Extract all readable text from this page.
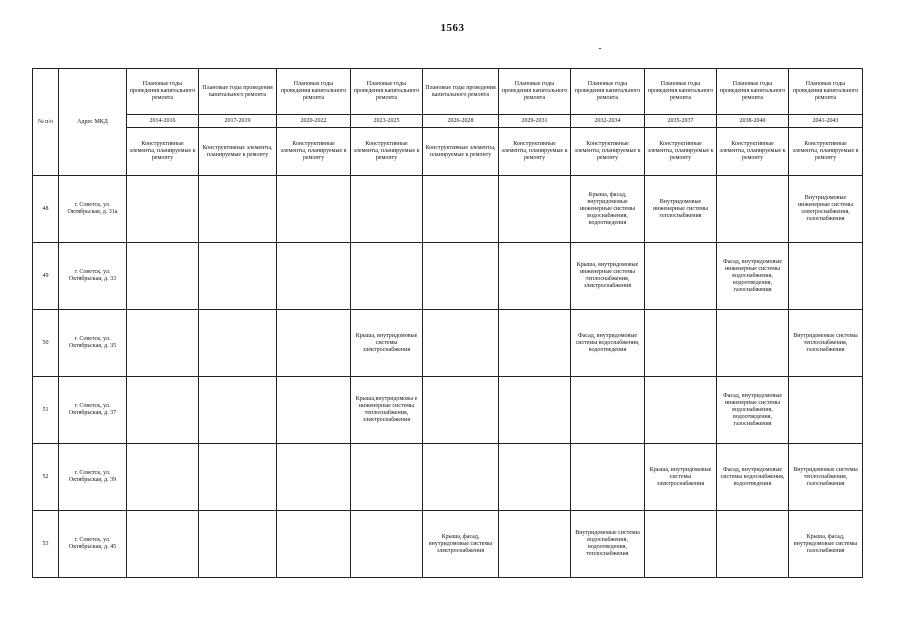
1563
№ п/о	Адрес МКД	Плановые годы проведения капитального ремонта	Плановые годы проведения капитального ремонта	Плановые годы проведения капитального ремонта	Плановые годы проведения капитального ремонта	Плановые годы проведения капитального ремонта	Плановые годы проведения капитального ремонта	Плановые годы проведения капитального ремонта	Плановые годы проведения капитального ремонта	Плановые годы проведения капитального ремонта	Плановые годы проведения капитального ремонта
		2014-2016	2017-2019	2020-2022	2023-2025	2026-2028	2029-2031	2032-2034	2035-2037	2038-2040	2041-2043
		Конструктивные элементы, планируемые к ремонту	Конструктивные элементы, планируемые к ремонту	Конструктивные элементы, планируемые к ремонту	Конструктивные элементы, планируемые к ремонту	Конструктивные элементы, планируемые к ремонту	Конструктивные элементы, планируемые к ремонту	Конструктивные элементы, планируемые к ремонту	Конструктивные элементы, планируемые к ремонту	Конструктивные элементы, планируемые к ремонту	Конструктивные элементы, планируемые к ремонту
48	г. Советск, ул. Октябрьская, д. 31а							Крыша, фасад, внутридомовые инженерные системы водоснабжения, водоотведения	Внутридомовые инженерные системы теплоснабжения		Внутридомовые инженерные системы электроснабжения, газоснабжения
49	г. Советск, ул. Октябрьская, д. 33							Крыша, внутридомовые инженерные системы теплоснабжения, электроснабжения		Фасад, внутридомовые инженерные системы водоснабжения, водоотведения, газоснабжения	
50	г. Советск, ул. Октябрьская, д. 35				Крыша, внутридомовые системы электроснабжения			Фасад, внутридомовые системы водоснабжения, водоотведения			Внутридомовые системы теплоснабжения, газоснабжения
51	г. Советск, ул. Октябрьская, д. 37				Крыша,внутридомовы е инженерные системы теплоснабжения, электроснабжения					Фасад, внутридомовые инженерные системы водоснабжения, водоотведения, газоснабжения	
52	г. Советск, ул. Октябрьская, д. 39								Крыша, внутридомовые системы электроснабжения	Фасад, внутридомовые системы водоснабжения, водоотведения	Внутридомовые системы теплоснабжения, газоснабжения
53	г. Советск, ул. Октябрьская, д. 45					Крыша, фасад, внутридомовые системы электроснабжения		Внутридомовые системы водоснабжения, водоотведения, теплоснабжения			Крыша, фасад, внутридомовые системы газоснабжения
